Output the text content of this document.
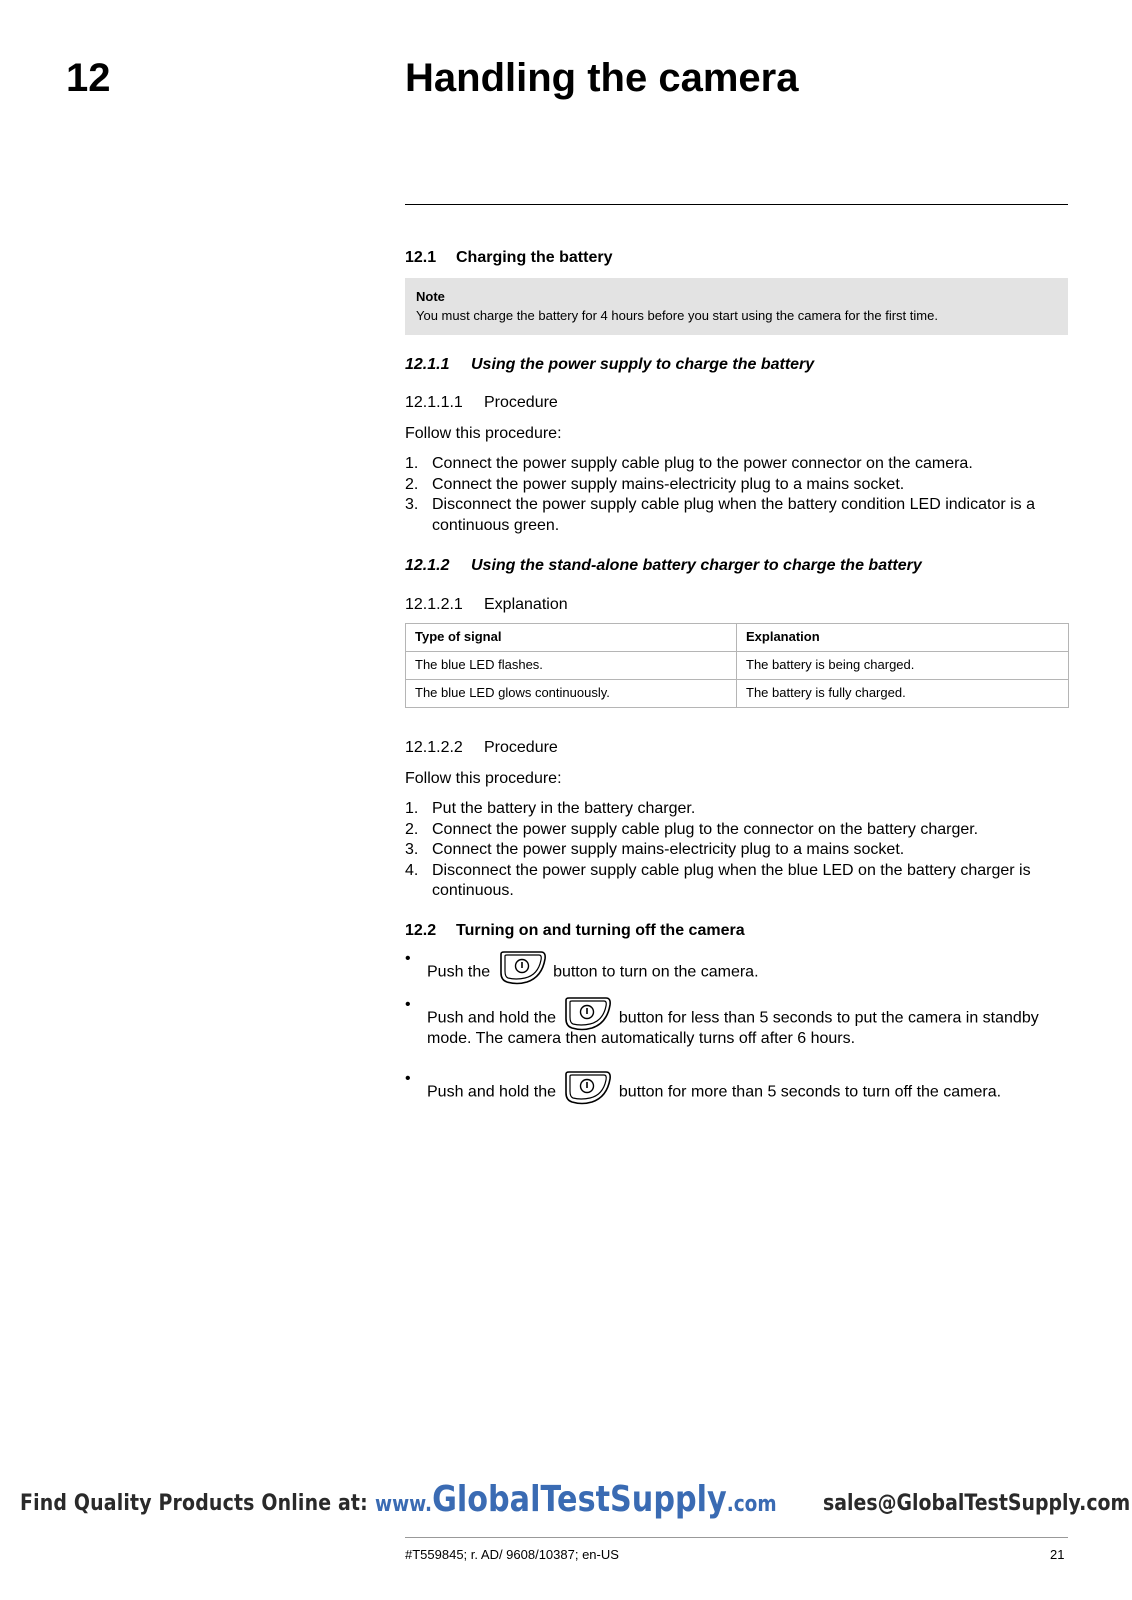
12	Handling the camera
12.1 Charging the battery
Note
You must charge the battery for 4 hours before you start using the camera for the first time.
12.1.1 Using the power supply to charge the battery
12.1.1.1 Procedure
Follow this procedure:
1. Connect the power supply cable plug to the power connector on the camera.
2. Connect the power supply mains-electricity plug to a mains socket.
3. Disconnect the power supply cable plug when the battery condition LED indicator is a continuous green.
12.1.2 Using the stand-alone battery charger to charge the battery
12.1.2.1 Explanation
Type of signal	Explanation
The blue LED flashes.	The battery is being charged.
The blue LED glows continuously.	The battery is fully charged.
12.1.2.2 Procedure
Follow this procedure:
1. Put the battery in the battery charger.
2. Connect the power supply cable plug to the connector on the battery charger.
3. Connect the power supply mains-electricity plug to a mains socket.
4. Disconnect the power supply cable plug when the blue LED on the battery charger is continuous.
12.2 Turning on and turning off the camera
•
Push the	button to turn on the camera.
•
Push and hold the	button for less than 5 seconds to put the camera in standby mode. The camera then automatically turns off after 6 hours.
•
Push and hold the	button for more than 5 seconds to turn off the camera.
Find Quality Products Online at: www.GlobalTestSupply.com sales@GlobalTestSupply.com
#T559845; r. AD/ 9608/10387; en-US	21
